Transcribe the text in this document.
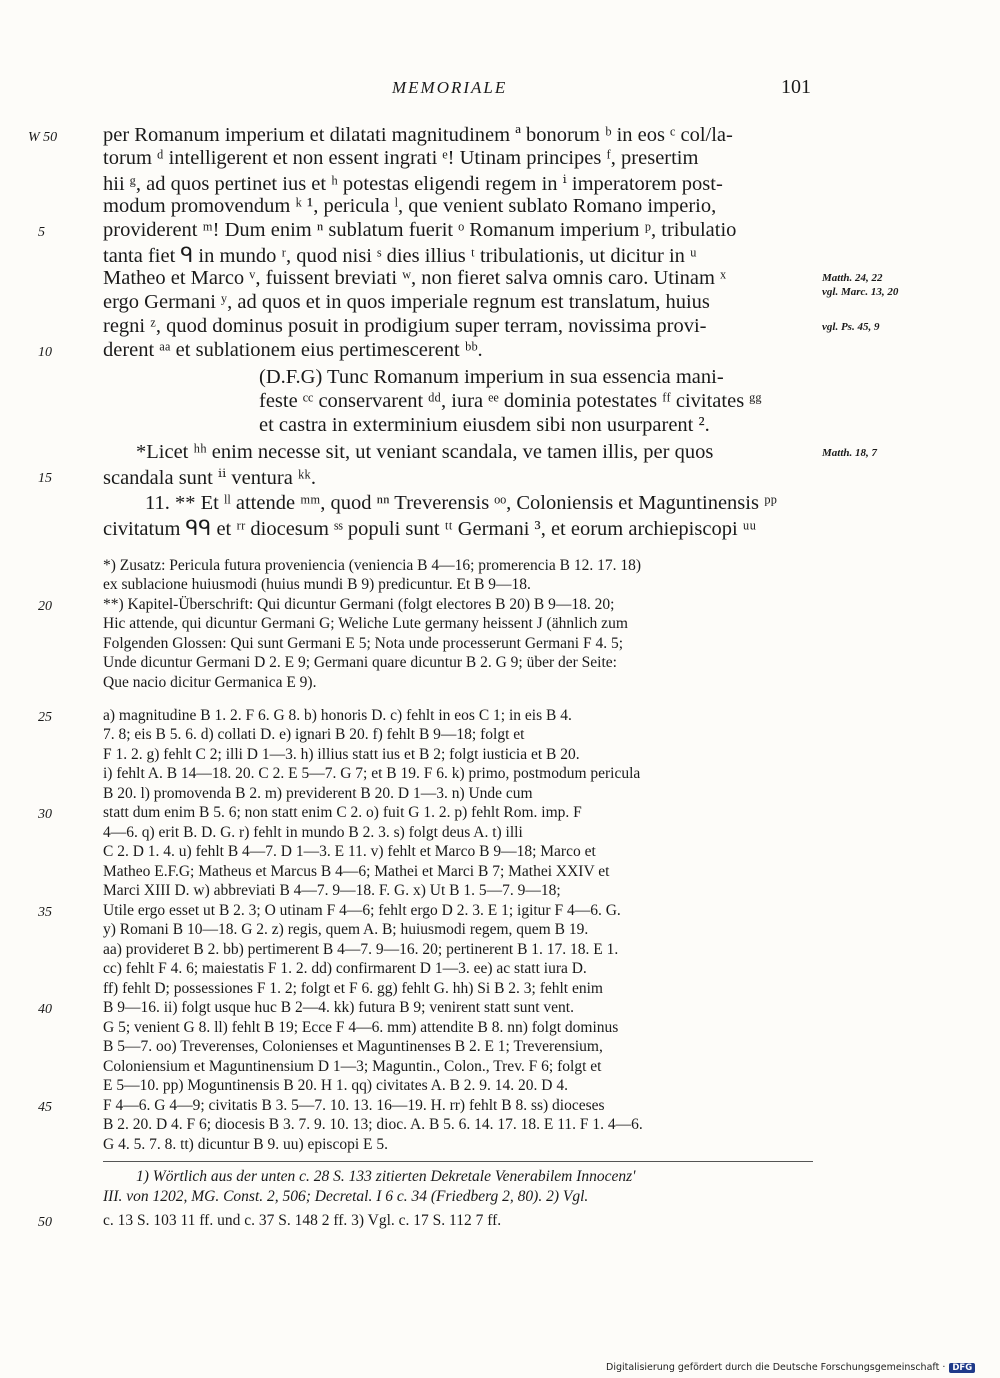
MEMORIALE	101
per Romanum imperium et dilatati magnitudinem ª bonorum ᵇ in eos ᶜ col/la-
torum ᵈ intelligerent et non essent ingrati ᵉ! Utinam principes ᶠ, presertim
hii ᵍ, ad quos pertinet ius et ʰ potestas eligendi regem in ⁱ imperatorem post-
modum promovendum ᵏ ¹, pericula ˡ, que venient sublato Romano imperio,
providerent ᵐ! Dum enim ⁿ sublatum fuerit ᵒ Romanum imperium ᵖ, tribulatio
tanta fiet ᑫ in mundo ʳ, quod nisi ˢ dies illius ᵗ tribulationis, ut dicitur in ᵘ
Matheo et Marco ᵛ, fuissent breviati ʷ, non fieret salva omnis caro. Utinam ˣ
ergo Germani ʸ, ad quos et in quos imperiale regnum est translatum, huius
regni ᶻ, quod dominus posuit in prodigium super terram, novissima provi-
derent ᵃᵃ et sublationem eius pertimescerent ᵇᵇ.
(D.F.G) Tunc Romanum imperium in sua essencia mani-
feste ᶜᶜ conservarent ᵈᵈ, iura ᵉᵉ dominia potestates ᶠᶠ civitates ᵍᵍ
et castra in exterminium eiusdem sibi non usurparent ².
*Licet ʰʰ enim necesse sit, ut veniant scandala, ve tamen illis, per quos
scandala sunt ⁱⁱ ventura ᵏᵏ.
11. ** Et ˡˡ attende ᵐᵐ, quod ⁿⁿ Treverensis ᵒᵒ, Coloniensis et Maguntinensis ᵖᵖ
civitatum ᑫᑫ et ʳʳ diocesum ˢˢ populi sunt ᵗᵗ Germani ³, et eorum archiepiscopi ᵘᵘ
*) Zusatz: Pericula futura proveniencia (veniencia B 4—16; promerencia B 12. 17. 18)
ex sublacione huiusmodi (huius mundi B 9) predicuntur. Et B 9—18.
**) Kapitel-Überschrift: Qui dicuntur Germani (folgt electores B 20) B 9—18. 20;
Hic attende, qui dicuntur Germani G; Weliche Lute germany heissent J (ähnlich zum
Folgenden Glossen: Qui sunt Germani E 5; Nota unde processerunt Germani F 4. 5;
Unde dicuntur Germani D 2. E 9; Germani quare dicuntur B 2. G 9; über der Seite:
Que nacio dicitur Germanica E 9).
a) magnitudine B 1. 2. F 6. G 8. b) honoris D. c) fehlt in eos C 1; in eis B 4.
7. 8; eis B 5. 6. d) collati D. e) ignari B 20. f) fehlt B 9—18; folgt et
F 1. 2. g) fehlt C 2; illi D 1—3. h) illius statt ius et B 2; folgt iusticia et B 20.
i) fehlt A. B 14—18. 20. C 2. E 5—7. G 7; et B 19. F 6. k) primo, postmodum pericula
B 20. l) promovenda B 2. m) previderent B 20. D 1—3. n) Unde cum
statt dum enim B 5. 6; non statt enim C 2. o) fuit G 1. 2. p) fehlt Rom. imp. F
4—6. q) erit B. D. G. r) fehlt in mundo B 2. 3. s) folgt deus A. t) illi
C 2. D 1. 4. u) fehlt B 4—7. D 1—3. E 11. v) fehlt et Marco B 9—18; Marco et
Matheo E.F.G; Matheus et Marcus B 4—6; Mathei et Marci B 7; Mathei XXIV et
Marci XIII D. w) abbreviati B 4—7. 9—18. F. G. x) Ut B 1. 5—7. 9—18;
Utile ergo esset ut B 2. 3; O utinam F 4—6; fehlt ergo D 2. 3. E 1; igitur F 4—6. G.
y) Romani B 10—18. G 2. z) regis, quem A. B; huiusmodi regem, quem B 19.
aa) provideret B 2. bb) pertimerent B 4—7. 9—16. 20; pertinerent B 1. 17. 18. E 1.
cc) fehlt F 4. 6; maiestatis F 1. 2. dd) confirmarent D 1—3. ee) ac statt iura D.
ff) fehlt D; possessiones F 1. 2; folgt et F 6. gg) fehlt G. hh) Si B 2. 3; fehlt enim
B 9—16. ii) folgt usque huc B 2—4. kk) futura B 9; venirent statt sunt vent.
G 5; venient G 8. ll) fehlt B 19; Ecce F 4—6. mm) attendite B 8. nn) folgt dominus
B 5—7. oo) Treverenses, Colonienses et Maguntinenses B 2. E 1; Treverensium,
Coloniensium et Maguntinensium D 1—3; Maguntin., Colon., Trev. F 6; folgt et
E 5—10. pp) Moguntinensis B 20. H 1. qq) civitates A. B 2. 9. 14. 20. D 4.
F 4—6. G 4—9; civitatis B 3. 5—7. 10. 13. 16—19. H. rr) fehlt B 8. ss) dioceses
B 2. 20. D 4. F 6; diocesis B 3. 7. 9. 10. 13; dioc. A. B 5. 6. 14. 17. 18. E 11. F 1. 4—6.
G 4. 5. 7. 8. tt) dicuntur B 9. uu) episcopi E 5.
1) Wörtlich aus der unten c. 28 S. 133 zitierten Dekretale Venerabilem Innocenz'
III. von 1202, MG. Const. 2, 506; Decretal. I 6 c. 34 (Friedberg 2, 80). 2) Vgl.
c. 13 S. 103 11 ff. und c. 37 S. 148 2 ff. 3) Vgl. c. 17 S. 112 7 ff.
W 50
5
10
15
20
25
30
35
40
45
50
Matth. 24, 22
vgl. Marc. 13, 20
vgl. Ps. 45, 9
Matth. 18, 7
Digitalisierung gefördert durch die Deutsche Forschungsgemeinschaft · DFG
